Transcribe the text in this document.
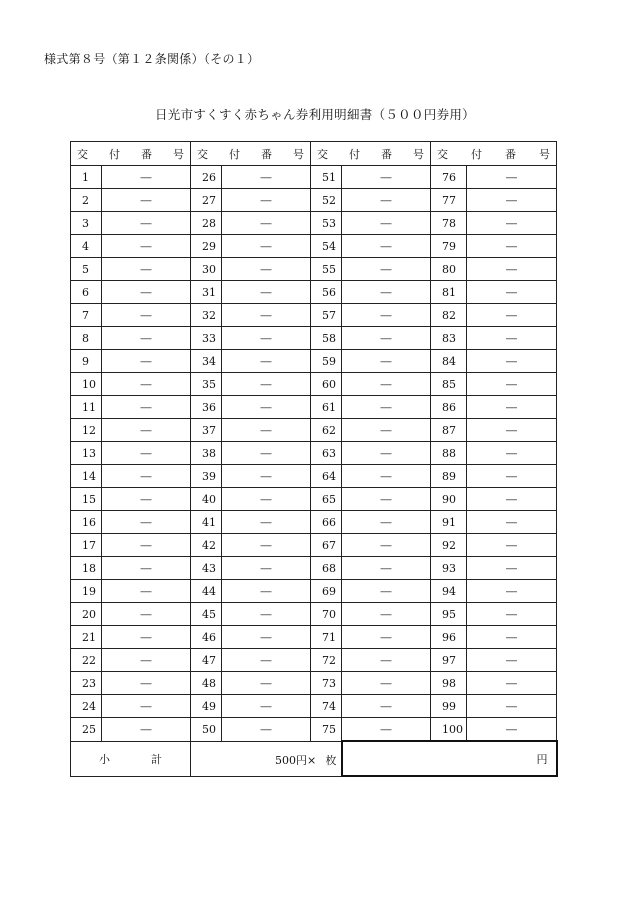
様式第８号（第１２条関係）（その１）
日光市すくすく赤ちゃん券利用明細書（５００円券用）
交 付 番 号		交 付 番 号		交 付 番 号		交 付 番 号	

1	―	26	―	51	―	76	―
2	―	27	―	52	―	77	―
3	―	28	―	53	―	78	―
4	―	29	―	54	―	79	―
5	―	30	―	55	―	80	―
6	―	31	―	56	―	81	―
7	―	32	―	57	―	82	―
8	―	33	―	58	―	83	―
9	―	34	―	59	―	84	―
10	―	35	―	60	―	85	―
11	―	36	―	61	―	86	―
12	―	37	―	62	―	87	―
13	―	38	―	63	―	88	―
14	―	39	―	64	―	89	―
15	―	40	―	65	―	90	―
16	―	41	―	66	―	91	―
17	―	42	―	67	―	92	―
18	―	43	―	68	―	93	―
19	―	44	―	69	―	94	―
20	―	45	―	70	―	95	―
21	―	46	―	71	―	96	―
22	―	47	―	72	―	97	―
23	―	48	―	73	―	98	―
24	―	49	―	74	―	99	―
25	―	50	―	75	―	100	―

小 計		500円× 枚			円		
